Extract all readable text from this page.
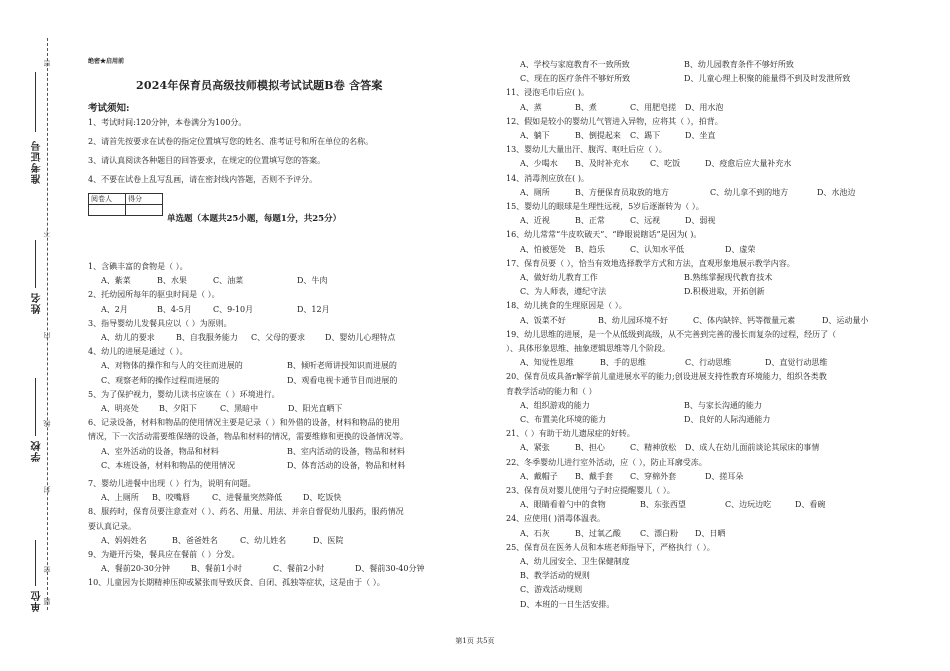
准考证号
姓名
学校
单位
密
不
内
线
封
密
题
绝密★启用前
2024年保育员高级技师模拟考试试题B卷 含答案
考试须知:
1、考试时间:120分钟，本卷满分为100分。
2、请首先按要求在试卷的指定位置填写您的姓名、准考证号和所在单位的名称。
3、请认真阅读各种题目的回答要求，在规定的位置填写您的答案。
4、不要在试卷上乱写乱画，请在密封线内答题，否则不予评分。
阅卷人	得分

单选题（本题共25小题，每题1分，共25分）
1、含碘丰富的食物是（ ）。
A、紫菜	B、水果	C、油菜	D、牛肉
2、托幼园所每年的驱虫时间是（ ）。
A、2月	B、4-5月	C、9-10月	D、12月
3、指导婴幼儿发餐具应以（ ）为原则。
A、幼儿的要求	B、自我服务能力 C、父母的要求 D、婴幼儿心理特点
4、幼儿的进展是通过（ ）。
A、对物体的操作和与人的交往而进展的	B、倾听老师讲授知识而进展的
C、观察老师的操作过程而进展的	D、观看电视卡通节目而进展的
5、为了保护视力，婴幼儿读书应该在（ ）环境进行。
A、明亮处	B、夕阳下	C、黑暗中	D、阳光直晒下
6、记录设备，材料和物品的使用情况主要是记录（ ）和外借的设备，材料和物品的使用
情况，下一次活动需要维保缮的设备，物品和材料的情况，需要维修和更换的设备情况等。
A、室外活动的设备，物品和材料	B、室内活动的设备，物品和材料
C、本班设备，材料和物品的使用情况	D、体育活动的设备，物品和材料
7、婴幼儿进餐中出现（ ）行为，说明有问题。
A、上厕所 B、咬嘴唇	C、进餐量突然降低	D、吃饭快
8、服药时，保育员要注意查对（ ）、药名、用量、用法、并亲自督促幼儿服药，服药情况
要认真记录。
A、妈妈姓名	B、爸爸姓名	C、幼儿姓名	D、医院
9、为避开污染，餐具应在餐前（ ）分发。
A、餐前20-30分钟	B、餐前1小时	C、餐前2小时	D、餐前30-40分钟
10、儿童因为长期精神压抑或紧张而导致厌食、自闭、孤独等症状，这是由于（ ）。
A、学校与家庭教育不一致所致	B、幼儿园教育条件不够好所致
C、现在的医疗条件不够好所致	D、儿童心理上积聚的能量得不到及时发泄所致
11、浸泡毛巾后应( )。
A、蒸	B、煮	C、用肥皂搓 D、用水泡
12、假如是较小的婴幼儿气管进入异物，应将其（ ），拍背。
A、躺下	B、倒提起来 C、踢下	D、坐直
13、婴幼儿大量出汗、腹泻、呕吐后应（ ）。
A、少喝水 B、及时补充水	C、吃饭	D、疫愈后应大量补充水
14、消毒剂应放在( )。
A、厕所	B、方便保育员取放的地方	C、幼儿拿不到的地方	D、水池边
15、婴幼儿的眼球是生理性远视，5岁后逐渐转为（ ）。
A、近视	B、正常	C、远视	D、弱视
16、幼儿常常“牛皮吹破天”、“睁眼说瞎话”是因为( )。
A、怕被惩处 B、趋乐	C、认知水平低	D、虚荣
17、保育员要（ ），恰当有效地选择教学方式和方法，直观形象地展示教学内容。
A、做好幼儿教育工作	B.熟练掌握现代教育技术
C、为人师表，遵纪守法	D.积极进取，开拓创新
18、幼儿挑食的生理原因是（ ）。
A、饭菜不好	B、幼儿园环境不好	C、体内缺锌、钙等微量元素	D、运动量小
19、幼儿思维的进展，是一个从低级到高级，从不完善到完善的漫长而复杂的过程，经历了（
）、具体形象思维、抽象逻辑思维等几个阶段。
A、知觉性思维	B、手的思维	C、行动思维	D、直觉行动思维
20、保育员成具备r解学前儿童进展水平的能力;创设进展支持性教育环境能力，组织各类教
育教学活动的能力和（ ）
A、组织游戏的能力	B、与家长沟通的能力
C、布置美化环境的能力	D、良好的人际沟通能力
21、（ ）有助于幼儿遗尿症的好转。
A、紧张	B、担心	C、精神放松 D、成人在幼儿面前谈论其尿床的事情
22、冬季婴幼儿进行室外活动，应（ ），防止耳廓受冻。
A、戴帽子 B、戴手套 C、穿棉外套	D、搓耳朵
23、保育员对婴儿使用勺子时应提醒婴儿（ ）。
A、眼睛看着勺中的食物	B、东张西望	C、边玩边吃	D、看碗
24、应使用( )消毒体温表。
A、石灰	B、过氧乙酸 C、漂白粉 D、日晒
25、保育员在医务人员和本班老师指导下，严格执行（ ）。
A、幼儿园安全、卫生保健制度
B、教学活动的规则
C、游戏活动规则
D、本班的一日生活安排。
第1页 共5页
